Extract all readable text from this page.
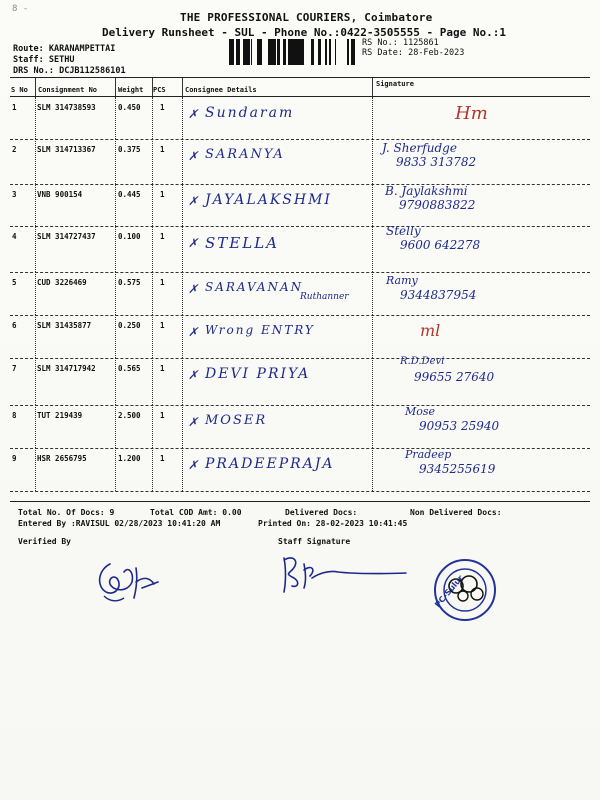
8 -
THE PROFESSIONAL COURIERS, Coimbatore
Delivery Runsheet - SUL - Phone No.:0422-3505555 - Page No.:1
Route: KARANAMPETTAI
Staff: SETHU
DRS No.: DCJB112586101
RS No.: 1125861
RS Date: 28-Feb-2023
S No Consignment No	Weight PCS	Consignee Details
Signature
1	SLM 314738593	0.450	1	Sundaram
✗	Hm
2	SLM 314713367	0.375	1	SARANYA
✗
J. Sherfudge
9833 313782
3	VNB 900154	0.445	1	JAYALAKSHMI
✗
B. Jaylakshmi
9790883822
4	SLM 314727437	0.100	1	STELLA
✗
Stelly
9600 642278
5	CUD 3226469	0.575	1	SARAVANAN
✗
Ruthanner
Ramy
9344837954
6	SLM 31435877	0.250	1	Wrong ENTRY
✗	ml
7	SLM 314717942	0.565	1	DEVI PRIYA
✗
R.D.Devi
99655 27640
8	TUT 219439	2.500	1	MOSER
✗
Mose
90953 25940
9	HSR 2656795	1.200	1	PRADEEPRAJA
✗
Pradeep
9345255619
Total No. Of Docs: 9	Total COD Amt: 0.00	Delivered Docs:	Non Delivered Docs:
Entered By :RAVISUL 02/28/2023 10:41:20 AM	Printed On: 28-02-2023 10:41:45
Verified By	Staff Signature
PC-Sulur
